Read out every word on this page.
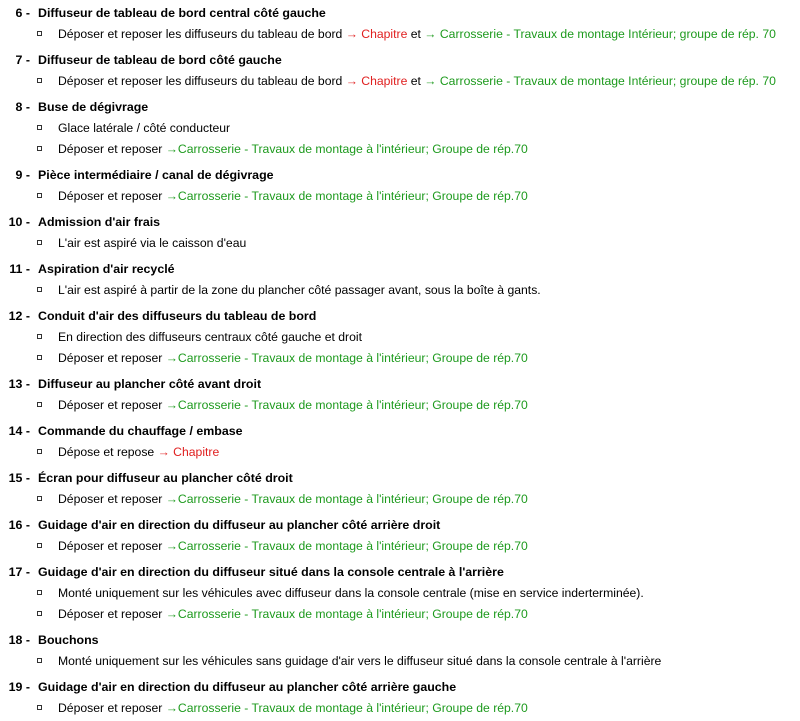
6 - Diffuseur de tableau de bord central côté gauche
Déposer et reposer les diffuseurs du tableau de bord → Chapitre et → Carrosserie - Travaux de montage Intérieur; groupe de rép. 70
7 - Diffuseur de tableau de bord côté gauche
Déposer et reposer les diffuseurs du tableau de bord → Chapitre et → Carrosserie - Travaux de montage Intérieur; groupe de rép. 70
8 - Buse de dégivrage
Glace latérale / côté conducteur
Déposer et reposer →Carrosserie - Travaux de montage à l'intérieur; Groupe de rép.70
9 - Pièce intermédiaire / canal de dégivrage
Déposer et reposer →Carrosserie - Travaux de montage à l'intérieur; Groupe de rép.70
10 - Admission d'air frais
L'air est aspiré via le caisson d'eau
11 - Aspiration d'air recyclé
L'air est aspiré à partir de la zone du plancher côté passager avant, sous la boîte à gants.
12 - Conduit d'air des diffuseurs du tableau de bord
En direction des diffuseurs centraux côté gauche et droit
Déposer et reposer →Carrosserie - Travaux de montage à l'intérieur; Groupe de rép.70
13 - Diffuseur au plancher côté avant droit
Déposer et reposer →Carrosserie - Travaux de montage à l'intérieur; Groupe de rép.70
14 - Commande du chauffage / embase
Dépose et repose → Chapitre
15 - Écran pour diffuseur au plancher côté droit
Déposer et reposer →Carrosserie - Travaux de montage à l'intérieur; Groupe de rép.70
16 - Guidage d'air en direction du diffuseur au plancher côté arrière droit
Déposer et reposer →Carrosserie - Travaux de montage à l'intérieur; Groupe de rép.70
17 - Guidage d'air en direction du diffuseur situé dans la console centrale à l'arrière
Monté uniquement sur les véhicules avec diffuseur dans la console centrale (mise en service inderterminée).
Déposer et reposer →Carrosserie - Travaux de montage à l'intérieur; Groupe de rép.70
18 - Bouchons
Monté uniquement sur les véhicules sans guidage d'air vers le diffuseur situé dans la console centrale à l'arrière
19 - Guidage d'air en direction du diffuseur au plancher côté arrière gauche
Déposer et reposer →Carrosserie - Travaux de montage à l'intérieur; Groupe de rép.70
